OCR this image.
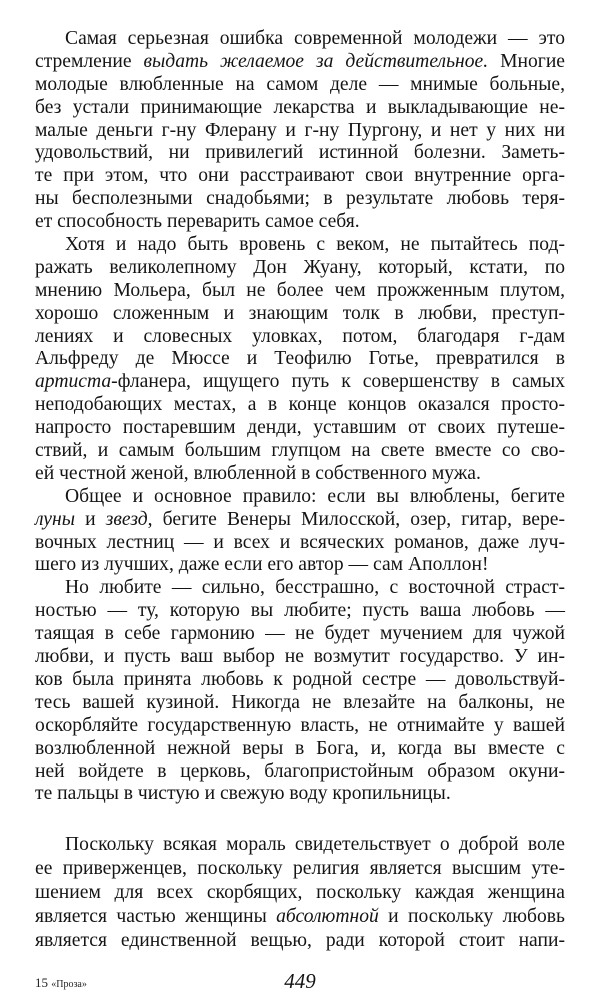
Самая серьезная ошибка современной молодежи — это
стремление выдать желаемое за действительное. Многие
молодые влюбленные на самом деле — мнимые больные,
без устали принимающие лекарства и выкладывающие не-
малые деньги г-ну Флерану и г-ну Пургону, и нет у них ни
удовольствий, ни привилегий истинной болезни. Заметь-
те при этом, что они расстраивают свои внутренние орга-
ны бесполезными снадобьями; в результате любовь теря-
ет способность переварить самое себя.
Хотя и надо быть вровень с веком, не пытайтесь под-
ражать великолепному Дон Жуану, который, кстати, по
мнению Мольера, был не более чем прожженным плутом,
хорошо сложенным и знающим толк в любви, преступ-
лениях и словесных уловках, потом, благодаря г-дам
Альфреду де Мюссе и Теофилю Готье, превратился в
артиста-фланера, ищущего путь к совершенству в самых
неподобающих местах, а в конце концов оказался просто-
напросто постаревшим денди, уставшим от своих путеше-
ствий, и самым большим глупцом на свете вместе со сво-
ей честной женой, влюбленной в собственного мужа.
Общее и основное правило: если вы влюблены, бегите
луны и звезд, бегите Венеры Милосской, озер, гитар, вере-
вочных лестниц — и всех и всяческих романов, даже луч-
шего из лучших, даже если его автор — сам Аполлон!
Но любите — сильно, бесстрашно, с восточной страст-
ностью — ту, которую вы любите; пусть ваша любовь —
таящая в себе гармонию — не будет мучением для чужой
любви, и пусть ваш выбор не возмутит государство. У ин-
ков была принята любовь к родной сестре — довольствуй-
тесь вашей кузиной. Никогда не влезайте на балконы, не
оскорбляйте государственную власть, не отнимайте у вашей
возлюбленной нежной веры в Бога, и, когда вы вместе с
ней войдете в церковь, благопристойным образом окуни-
те пальцы в чистую и свежую воду кропильницы.
Поскольку всякая мораль свидетельствует о доброй воле
ее приверженцев, поскольку религия является высшим уте-
шением для всех скорбящих, поскольку каждая женщина
является частью женщины абсолютной и поскольку любовь
является единственной вещью, ради которой стоит напи-
15 «Проза»	449
